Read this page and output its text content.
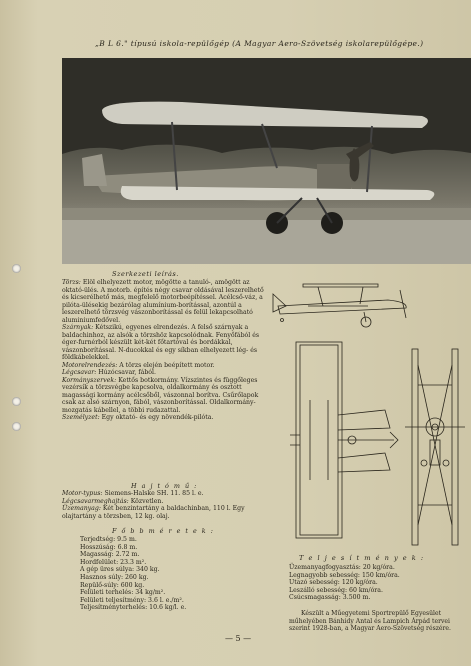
„B L 6." típusú iskola-repülőgép (A Magyar Aero-Szövetség iskolarepülőgépe.)
Szerkezeti leírás.

Törzs: Elöl elhelyezett motor, mögötte a tanuló-, amögött az oktató-ülés. A motorb. építés négy csavar oldásával leszerelhető és kicserélhető más, megfelelő motorbeépítéssel. Acélcső-váz, a pilóta-ülésekig bezárólag alumínium-borítással, azontúl a leszerelhető törzsvég vászonborítással és felül lekapcsolható aluminiumfedővel.

Szárnyak: Kétszikú, egyenes elrendezés. A felső szárnyak a baldachinhoz, az alsók a törzshöz kapcsolódnak. Fenyőfából és éger-furnérból készült két-két főtartóval és bordákkal, vászonborítással. N-ducokkal és egy síkban elhelyezett lég- és földkábelekkel.

Motorelrendezés: A törzs elején beépített motor.

Légcsavar: Húzócsavar, fából.

Kormányszervek: Kettős botkormány. Vízszintes és függőleges vezérsík a törzsvégbe kapcsolva, oldalkormány és osztott magassági kormány acélcsőből, vászonnal borítva. Csűrőlapok csak az alsó szárnyon, fából, vászonborítással. Oldalkormány-mozgatás kábellel, a többi rudazattal.

Személyzet: Egy oktató- és egy növendék-pilóta.

H a j t ó m ű :

Motor-typus: Siemens-Halske SH. 11. 85 l. e.

Légcsavarmeghajtás: Közvetlen.

Üzemanyag: Két benzintartány a baldachinban, 110 l. Egy olajtartány a törzsben, 12 kg. olaj.

F ő b b m é r e t e k :
Terjedtség: 9.5 m.
Hosszúság: 6.8 m.
Magasság: 2.72 m.
Hordfelület: 23.3 m².
A gép üres súlya: 340 kg.
Hasznos súly: 260 kg.
Repülő-súly: 600 kg.
Felületi terhelés: 34 kg/m².
Felületi teljesítmény: 3.6 l. e./m².
Teljesítményterhelés: 10.6 kg/l. e.
T e l j e s í t m é n y e k :
Üzemanyagfogyasztás: 20 kg/óra.
Legnagyobb sebesség: 150 km/óra.
Utazó sebesség: 120 kg/óra.
Leszálló sebesség: 60 km/óra.
Csúcsmagasság: 3.500 m.
Készült a Műegyetemi Sportrepülő Egyesület műhelyében Bánhidy Antal és Lampich Árpád tervei szerint 1928-ban, a Magyar Aero-Szövetség részére.
— 5 —
